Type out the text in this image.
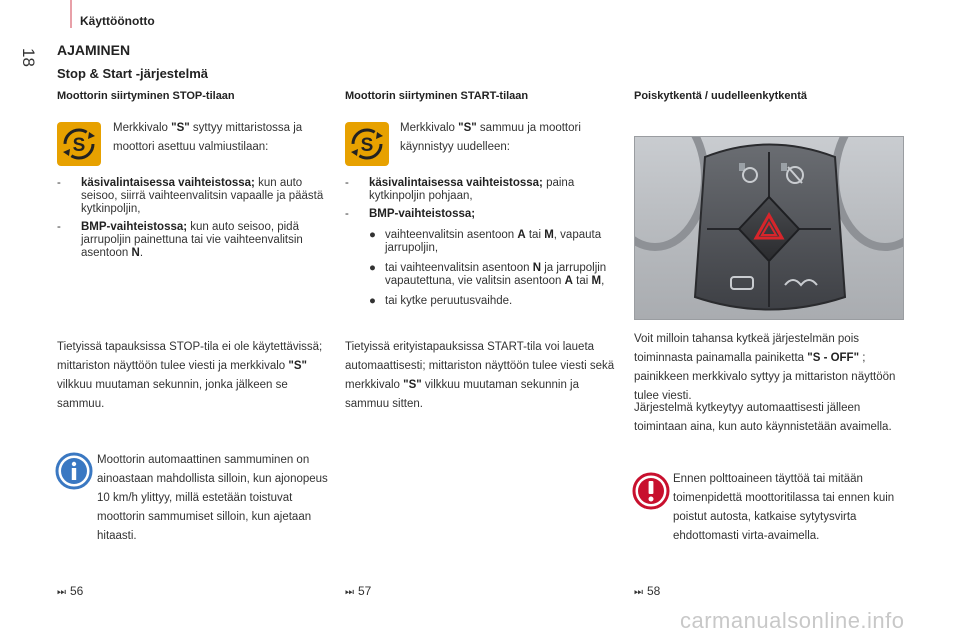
Käyttöönotto
18 AJAMINEN
Stop & Start -järjestelmä
Moottorin siirtyminen STOP-tilaan
S
Merkkivalo "S" syttyy mittaristossa ja moottori asettuu valmiustilaan:
- käsivalintaisessa vaihteistossa; kun auto seisoo, siirrä vaihteenvalitsin vapaalle ja päästä kytkinpoljin,
- BMP-vaihteistossa; kun auto seisoo, pidä jarrupoljin painettuna tai vie vaihteenvalitsin asentoon N.
Tietyissä tapauksissa STOP-tila ei ole käytettävissä; mittariston näyttöön tulee viesti ja merkkivalo "S" vilkkuu muutaman sekunnin, jonka jälkeen se sammuu.
Moottorin automaattinen sammuminen on ainoastaan mahdollista silloin, kun ajonopeus 10 km/h ylittyy, millä estetään toistuvat moottorin sammumiset silloin, kun ajetaan hitaasti.
⏭ 56
Moottorin siirtyminen START-tilaan
S
Merkkivalo "S" sammuu ja moottori käynnistyy uudelleen:
- käsivalintaisessa vaihteistossa; paina kytkinpoljin pohjaan,
- BMP-vaihteistossa;
● vaihteenvalitsin asentoon A tai M, vapauta jarrupoljin,
● tai vaihteenvalitsin asentoon N ja jarrupoljin vapautettuna, vie valitsin asentoon A tai M,
● tai kytke peruutusvaihde.
Tietyissä erityistapauksissa START-tila voi laueta automaattisesti; mittariston näyttöön tulee viesti sekä merkkivalo "S" vilkkuu muutaman sekunnin ja sammuu sitten.
⏭ 57
Poiskytkentä / uudelleenkytkentä
Voit milloin tahansa kytkeä järjestelmän pois toiminnasta painamalla painiketta "S - OFF" ; painikkeen merkkivalo syttyy ja mittariston näyttöön tulee viesti.
Järjestelmä kytkeytyy automaattisesti jälleen toimintaan aina, kun auto käynnistetään avaimella.
Ennen polttoaineen täyttöä tai mitään toimenpidettä moottoritilassa tai ennen kuin poistut autosta, katkaise sytytysvirta ehdottomasti virta-avaimella.
⏭ 58
carmanualsonline.info
